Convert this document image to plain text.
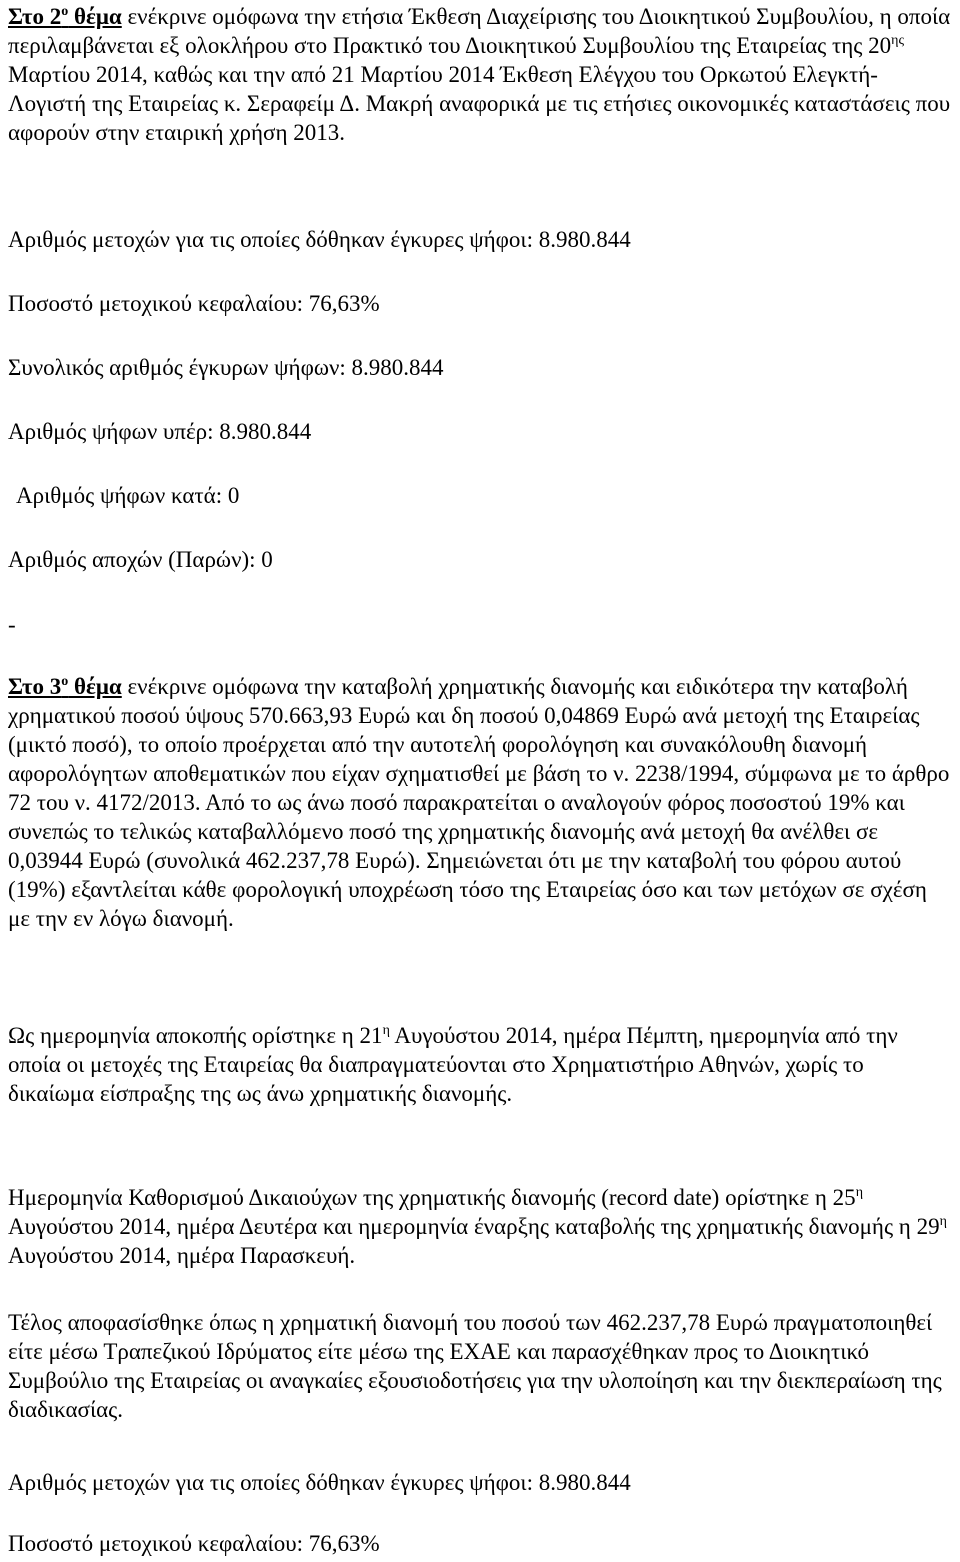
Στο $2^o$ θέμα ενέκρινε ομόφωνα την ετήσια Έκθεση Διαχείρισης του Διοικητικού Συμβουλίου, η οποία περιλαμβάνεται εξ ολοκλήρου στο Πρακτικό του Διοικητικού Συμβουλίου της Εταιρείας της $20^{\eta\varsigma}$ Μαρτίου 2014, καθώς και την από 21 Μαρτίου 2014 Έκθεση Ελέγχου του Ορκωτού Ελεγκτή-Λογιστή της Εταιρείας κ. Σεραφείμ Δ. Μακρή αναφορικά με τις ετήσιες οικονομικές καταστάσεις που αφορούν στην εταιρική χρήση 2013.

Αριθμός μετοχών για τις οποίες δόθηκαν έγκυρες ψήφοι: 8.980.844

Ποσοστό μετοχικού κεφαλαίου: 76,63%

Συνολικός αριθμός έγκυρων ψήφων: 8.980.844

Αριθμός ψήφων υπέρ: 8.980.844

Αριθμός ψήφων κατά: 0

Αριθμός αποχών (Παρών): 0

-

Στο $3^o$ θέμα ενέκρινε ομόφωνα την καταβολή χρηματικής διανομής και ειδικότερα την καταβολή χρηματικού ποσού ύψους 570.663,93 Ευρώ και δη ποσού 0,04869 Ευρώ ανά μετοχή της Εταιρείας (μικτό ποσό), το οποίο προέρχεται από την αυτοτελή φορολόγηση και συνακόλουθη διανομή αφορολόγητων αποθεματικών που είχαν σχηματισθεί με βάση το ν. 2238/1994, σύμφωνα με το άρθρο 72 του ν. 4172/2013. Από το ως άνω ποσό παρακρατείται ο αναλογούν φόρος ποσοστού 19% και συνεπώς το τελικώς καταβαλλόμενο ποσό της χρηματικής διανομής ανά μετοχή θα ανέλθει σε 0,03944 Ευρώ (συνολικά 462.237,78 Ευρώ). Σημειώνεται ότι με την καταβολή του φόρου αυτού (19%) εξαντλείται κάθε φορολογική υποχρέωση τόσο της Εταιρείας όσο και των μετόχων σε σχέση με την εν λόγω διανομή.

Ως ημερομηνία αποκοπής ορίστηκε η $21^\eta$ Αυγούστου 2014, ημέρα Πέμπτη, ημερομηνία από την οποία οι μετοχές της Εταιρείας θα διαπραγματεύονται στο Χρηματιστήριο Αθηνών, χωρίς το δικαίωμα είσπραξης της ως άνω χρηματικής διανομής.

Ημερομηνία Καθορισμού Δικαιούχων της χρηματικής διανομής (record date) ορίστηκε η $25^\eta$ Αυγούστου 2014, ημέρα Δευτέρα και ημερομηνία έναρξης καταβολής της χρηματικής διανομής η $29^\eta$ Αυγούστου 2014, ημέρα Παρασκευή.

Τέλος αποφασίσθηκε όπως η χρηματική διανομή του ποσού των 462.237,78 Ευρώ πραγματοποιηθεί είτε μέσω Τραπεζικού Ιδρύματος είτε μέσω της ΕΧΑΕ και παρασχέθηκαν προς το Διοικητικό Συμβούλιο της Εταιρείας οι αναγκαίες εξουσιοδοτήσεις για την υλοποίηση και την διεκπεραίωση της διαδικασίας.

Αριθμός μετοχών για τις οποίες δόθηκαν έγκυρες ψήφοι: 8.980.844

Ποσοστό μετοχικού κεφαλαίου: 76,63%
